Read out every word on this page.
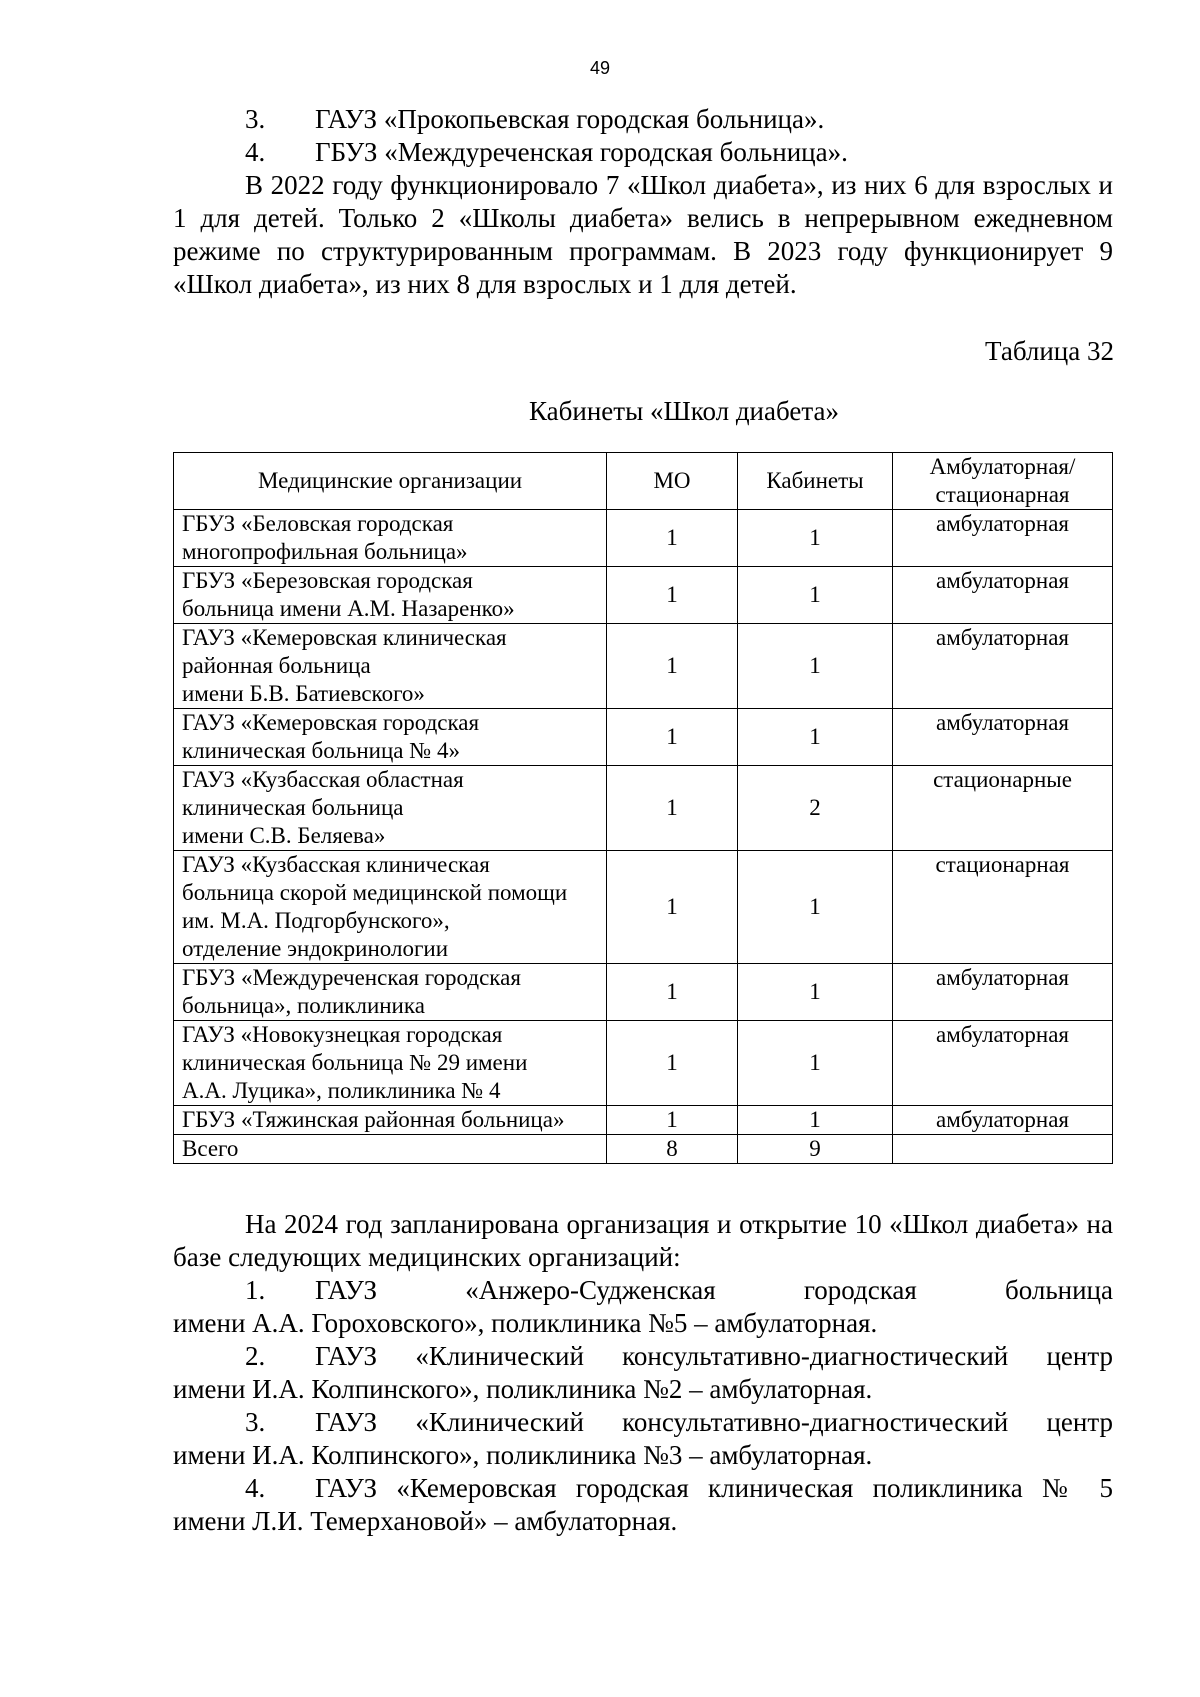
49
3. ГАУЗ «Прокопьевская городская больница».
4. ГБУЗ «Междуреченская городская больница».

В 2022 году функционировало 7 «Школ диабета», из них 6 для взрослых и 1 для детей. Только 2 «Школы диабета» велись в непрерывном ежедневном режиме по структурированным программам. В 2023 году функционирует 9 «Школ диабета», из них 8 для взрослых и 1 для детей.

Таблица 32
Кабинеты «Школ диабета»
Медицинские организации	МО	Кабинеты	Амбулаторная/ стационарная
ГБУЗ «Беловская городская
многопрофильная больница»	1	1	амбулаторная
ГБУЗ «Березовская городская
больница имени А.М. Назаренко»	1	1	амбулаторная
ГАУЗ «Кемеровская клиническая
районная больница
имени Б.В. Батиевского»	1	1	амбулаторная
ГАУЗ «Кемеровская городская
клиническая больница № 4»	1	1	амбулаторная
ГАУЗ «Кузбасская областная
клиническая больница
имени С.В. Беляева»	1	2	стационарные
ГАУЗ «Кузбасская клиническая
больница скорой медицинской помощи
им. М.А. Подгорбунского»,
отделение эндокринологии	1	1	стационарная
ГБУЗ «Междуреченская городская
больница», поликлиника	1	1	амбулаторная
ГАУЗ «Новокузнецкая городская
клиническая больница № 29 имени
А.А. Луцика», поликлиника № 4	1	1	амбулаторная
ГБУЗ «Тяжинская районная больница»	1	1	амбулаторная
Всего	8	9	

На 2024 год запланирована организация и открытие 10 «Школ диабета» на базе следующих медицинских организаций:

1. ГАУЗ «Анжеро-Судженская городская больница
имени А.А. Гороховского», поликлиника №5 – амбулаторная.
2. ГАУЗ «Клинический консультативно-диагностический центр
имени И.А. Колпинского», поликлиника №2 – амбулаторная.
3. ГАУЗ «Клинический консультативно-диагностический центр
имени И.А. Колпинского», поликлиника №3 – амбулаторная.
4. ГАУЗ «Кемеровская городская клиническая поликлиника № 5
имени Л.И. Темерхановой» – амбулаторная.
